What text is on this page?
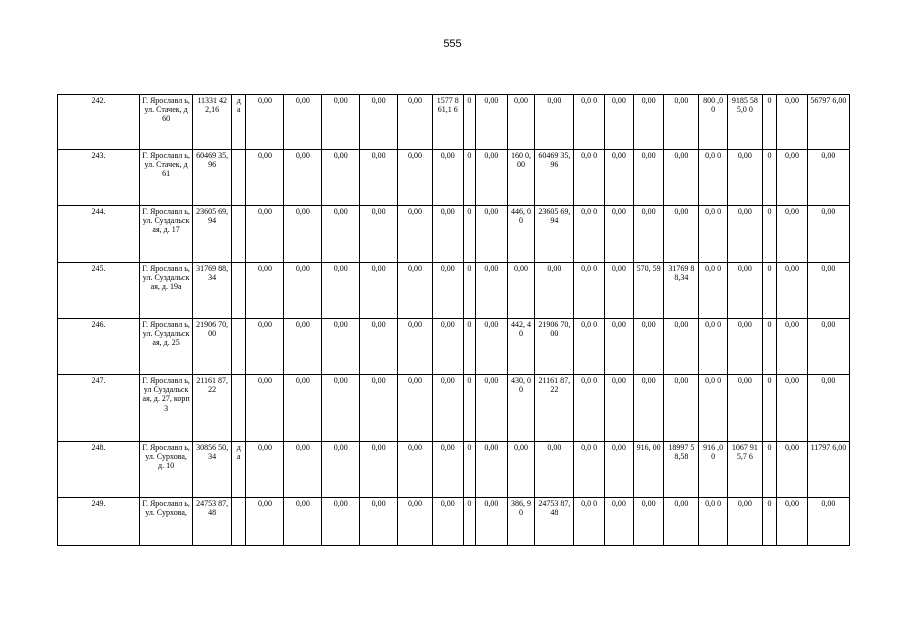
555
242.	Г. Ярославл ь, ул. Стачек, д 60	11331 422,16	д а	0,00	0,00	0,00	0,00	0,00	1577 861,1 6	0	0,00	0,00	0,00	0,0 0	0,00	0,00	0,00	800 ,00	9185 585,0 0	0	0,00	56797 6,00
243.	Г. Ярославл ь, ул. Стачек, д 61	60469 35,96		0,00	0,00	0,00	0,00	0,00	0,00	0	0,00	160 0,00	60469 35,96	0,0 0	0,00	0,00	0,00	0,0 0	0,00	0	0,00	0,00
244.	Г. Ярославл ь, ул. Суздальск ая, д. 17	23605 69,94		0,00	0,00	0,00	0,00	0,00	0,00	0	0,00	446, 00	23605 69,94	0,0 0	0,00	0,00	0,00	0,0 0	0,00	0	0,00	0,00
245.	Г. Ярославл ь, ул. Суздальск ая, д. 19а	31769 88,34		0,00	0,00	0,00	0,00	0,00	0,00	0	0,00	0,00	0,00	0,0 0	0,00	570, 59	31769 88,34	0,0 0	0,00	0	0,00	0,00
246.	Г. Ярославл ь, ул. Суздальск ая, д. 25	21906 70,00		0,00	0,00	0,00	0,00	0,00	0,00	0	0,00	442, 40	21906 70,00	0,0 0	0,00	0,00	0,00	0,0 0	0,00	0	0,00	0,00
247.	Г. Ярославл ь, ул Суздальск ая, д. 27, корп 3	21161 87,22		0,00	0,00	0,00	0,00	0,00	0,00	0	0,00	430, 00	21161 87,22	0,0 0	0,00	0,00	0,00	0,0 0	0,00	0	0,00	0,00
248.	Г. Ярославл ь, ул. Сурхова, д. 10	30856 50,34	д а	0,00	0,00	0,00	0,00	0,00	0,00	0	0,00	0,00	0,00	0,0 0	0,00	916, 00	18997 58,58	916 ,00	1067 915,7 6	0	0,00	11797 6,00
249.	Г. Ярославл ь, ул. Сурхова,	24753 87,48		0,00	0,00	0,00	0,00	0,00	0,00	0	0,00	386, 90	24753 87,48	0,0 0	0,00	0,00	0,00	0,0 0	0,00	0	0,00	0,00
